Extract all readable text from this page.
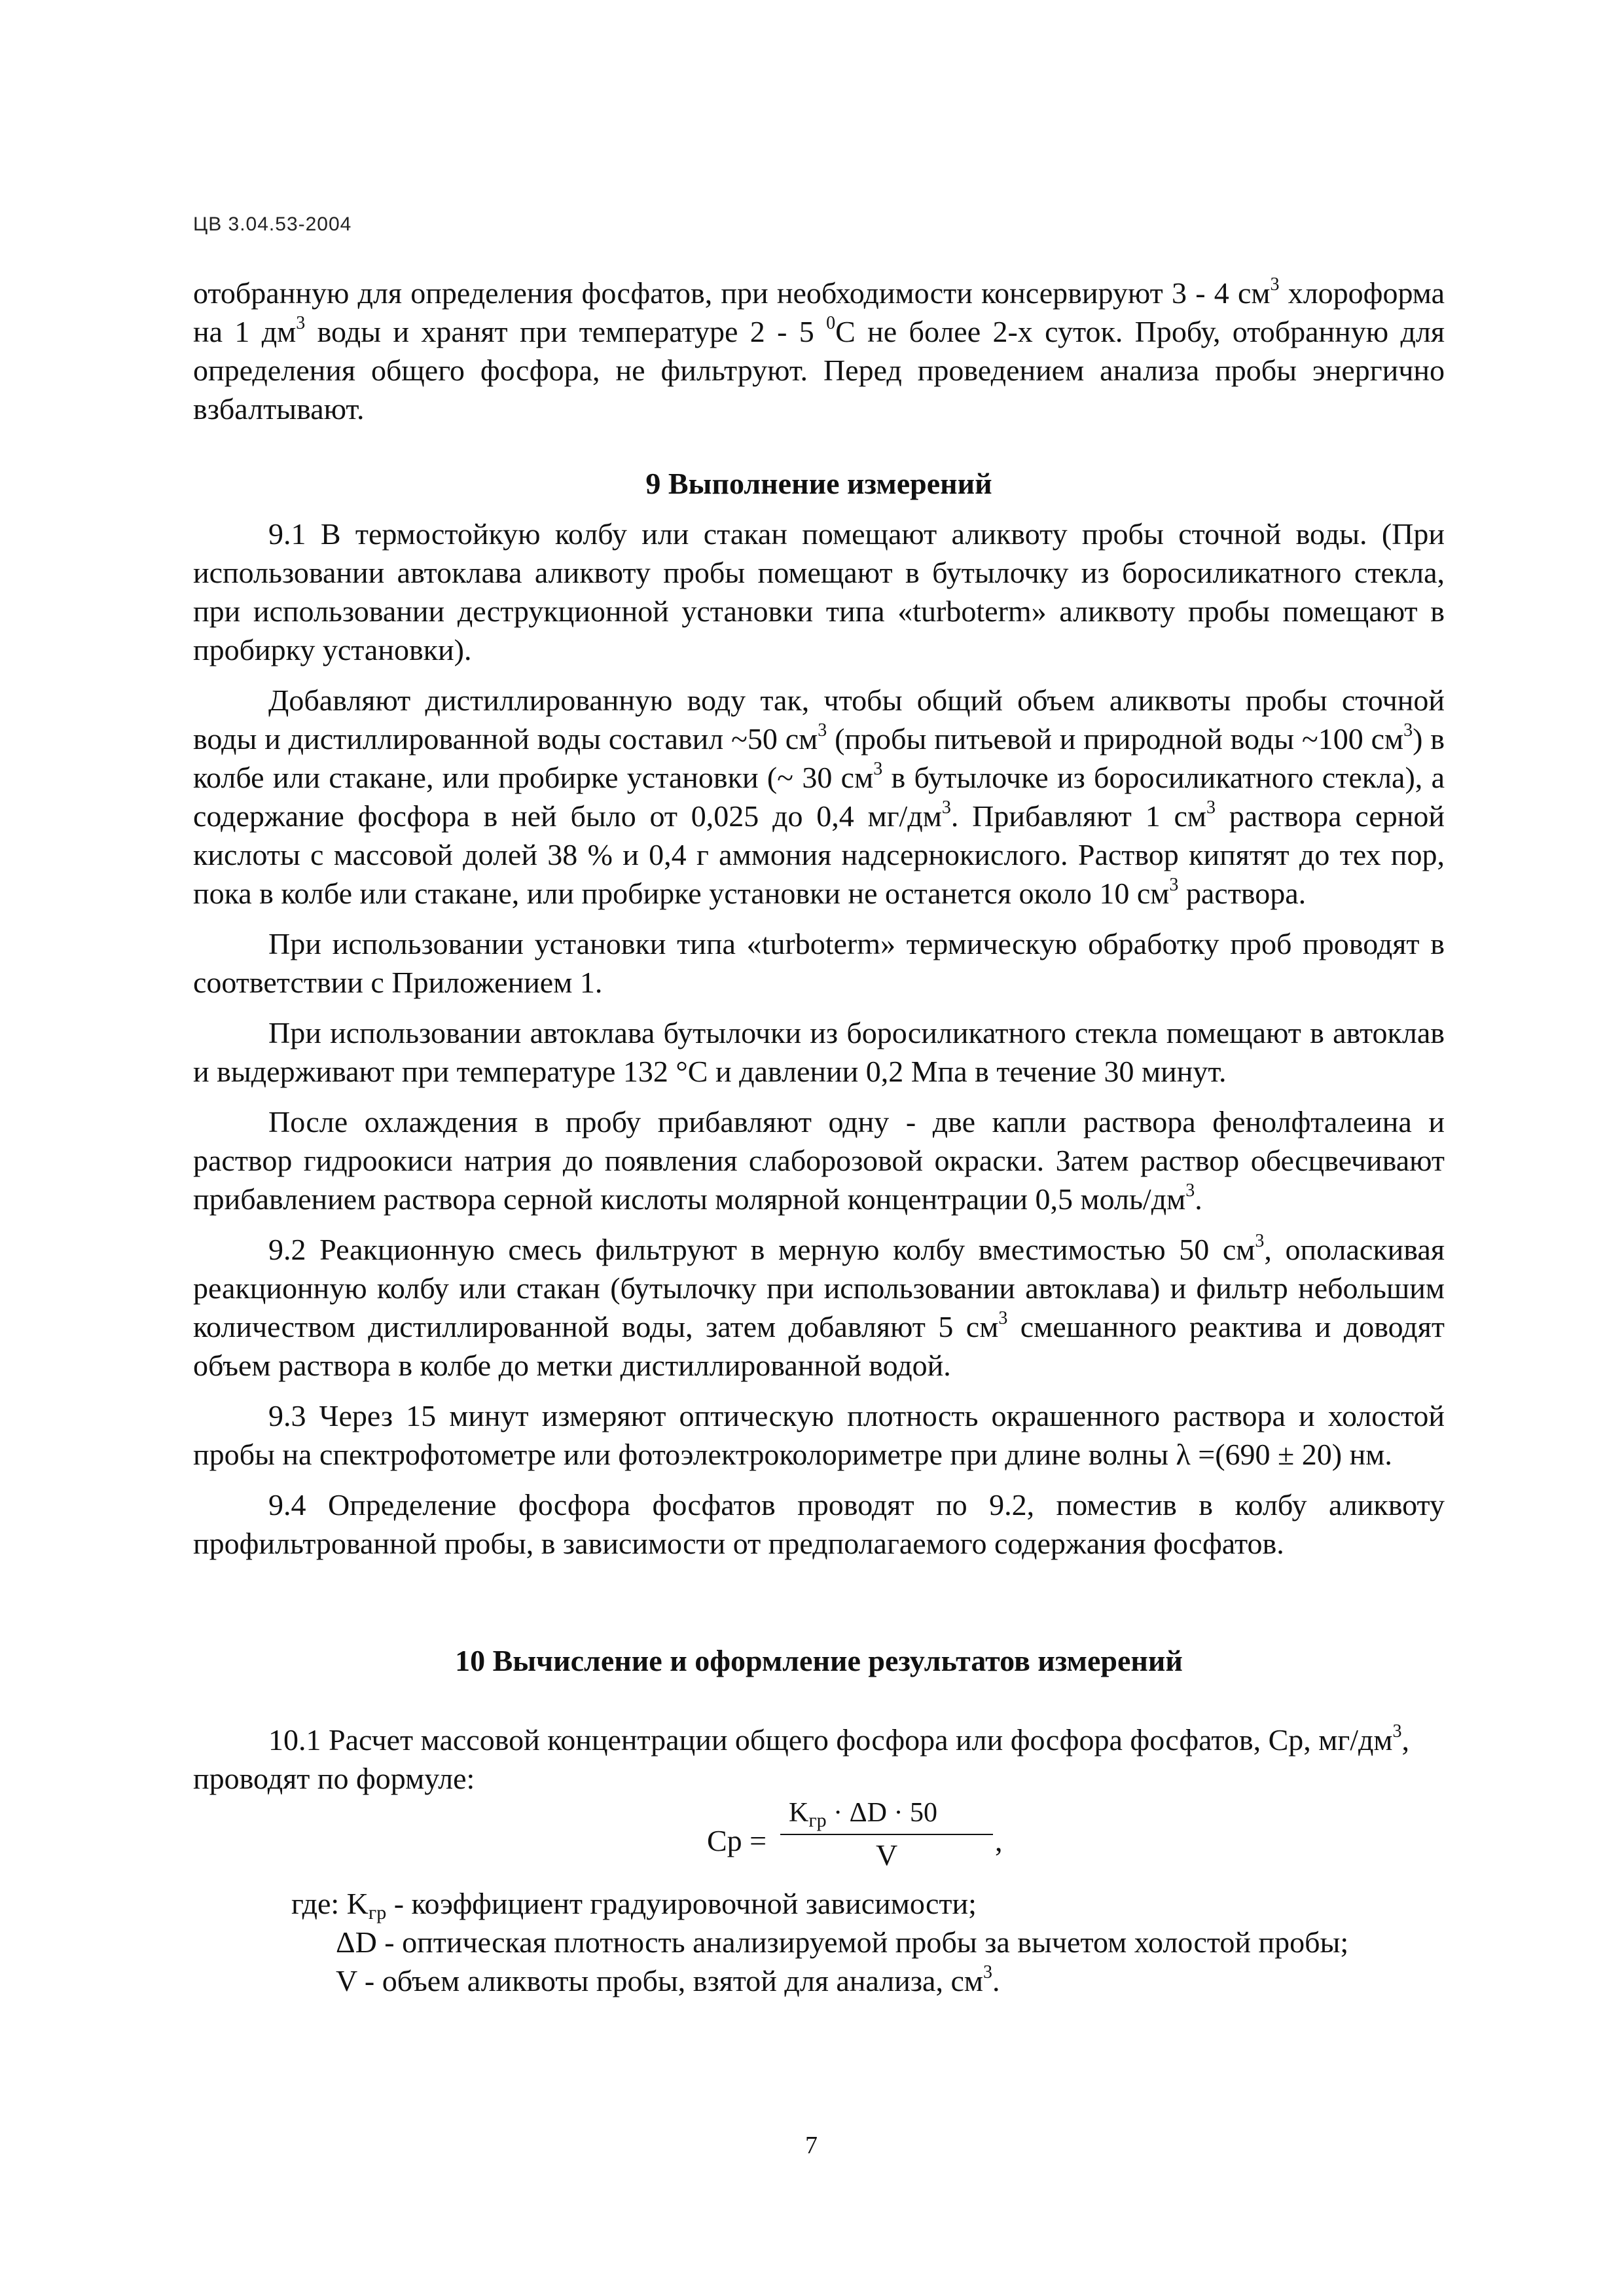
ЦВ 3.04.53-2004

отобранную для определения фосфатов, при необходимости консервируют 3 - 4 $см^3$ хлороформа на 1 $дм^3$ воды и хранят при температуре 2 - 5 $^0$С не более 2-х суток. Пробу, отобранную для определения общего фосфора, не фильтруют. Перед проведением анализа пробы энергично взбалтывают.

9 Выполнение измерений

9.1 В термостойкую колбу или стакан помещают аликвоту пробы сточной воды. (При использовании автоклава аликвоту пробы помещают в бутылочку из боросиликатного стекла, при использовании деструкционной установки типа «turboterm» аликвоту пробы помещают в пробирку установки).

Добавляют дистиллированную воду так, чтобы общий объем аликвоты пробы сточной воды и дистиллированной воды составил ~50 $см^3$ (пробы питьевой и природной воды ~100 $см^3$) в колбе или стакане, или пробирке установки (~ 30 $см^3$ в бутылочке из боросиликатного стекла), а содержание фосфора в ней было от 0,025 до 0,4 $мг/дм^3$. Прибавляют 1 $см^3$ раствора серной кислоты с массовой долей 38 % и 0,4 г аммония надсернокислого. Раствор кипятят до тех пор, пока в колбе или стакане, или пробирке установки не останется около 10 $см^3$ раствора.

При использовании установки типа «turboterm» термическую обработку проб проводят в соответствии с Приложением 1.

При использовании автоклава бутылочки из боросиликатного стекла помещают в автоклав и выдерживают при температуре 132 °С и давлении 0,2 Мпа в течение 30 минут.

После охлаждения в пробу прибавляют одну - две капли раствора фенолфталеина и раствор гидроокиси натрия до появления слаборозовой окраски. Затем раствор обесцвечивают прибавлением раствора серной кислоты молярной концентрации 0,5 моль/$дм^3$.

9.2 Реакционную смесь фильтруют в мерную колбу вместимостью 50 $см^3$, ополаскивая реакционную колбу или стакан (бутылочку при использовании автоклава) и фильтр небольшим количеством дистиллированной воды, затем добавляют 5 $см^3$ смешанного реактива и доводят объем раствора в колбе до метки дистиллированной водой.

9.3 Через 15 минут измеряют оптическую плотность окрашенного раствора и холостой пробы на спектрофотометре или фотоэлектроколориметре при длине волны λ =(690 ± 20) нм.

9.4 Определение фосфора фосфатов проводят по 9.2, поместив в колбу аликвоту профильтрованной пробы, в зависимости от предполагаемого содержания фосфатов.

10 Вычисление и оформление результатов измерений

10.1 Расчет массовой концентрации общего фосфора или фосфора фосфатов, Ср, $мг/дм^3$,

проводят по формуле:
Ср =
$K_{гр} \cdot \Delta D \cdot 50$
V	,
где: $K_{гр}$ - коэффициент градуировочной зависимости;
ΔD - оптическая плотность анализируемой пробы за вычетом холостой пробы;
V - объем аликвоты пробы, взятой для анализа, $см^3$.
7
